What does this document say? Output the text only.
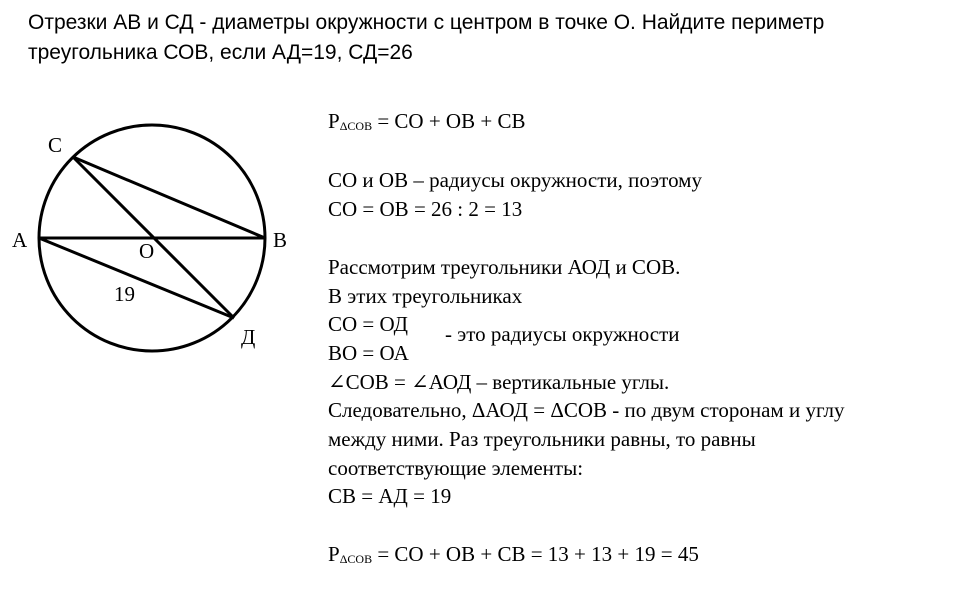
Отрезки АВ и СД - диаметры окружности с центром в точке О. Найдите периметр
треугольника СОВ, если АД=19, СД=26
С
А	В
О
Д
19
$P_{\Delta СОВ}$ = СО + ОВ + СВ
СО и ОВ – радиусы окружности, поэтому
СО = ОВ = 26 : 2 = 13
Рассмотрим треугольники АОД и СОВ.
В этих треугольниках
СО = ОД
ВО = ОА
- это радиусы окружности
∠СОВ = ∠АОД – вертикальные углы.
Следовательно, ΔАОД = ΔСОВ - по двум сторонам и углу
между ними. Раз треугольники равны, то равны
соответствующие элементы:
СВ = АД = 19
$P_{\Delta СОВ}$ = СО + ОВ + СВ = 13 + 13 + 19 = 45
